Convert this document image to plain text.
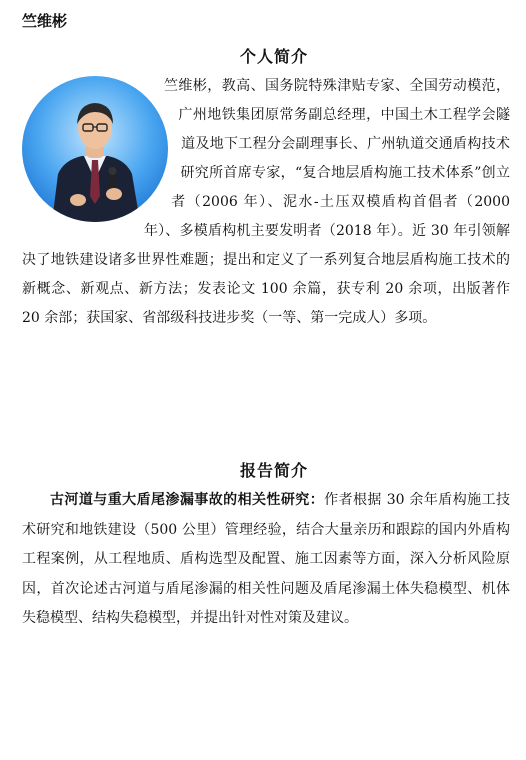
竺维彬
个人简介
竺维彬，教高、国务院特殊津贴专家、全国劳动模范，广州地铁集团原常务副总经理，中国土木工程学会隧道及地下工程分会副理事长、广州轨道交通盾构技术研究所首席专家，“复合地层盾构施工技术体系”创立者（2006 年）、泥水-土压双模盾构首倡者（2000 年）、多模盾构机主要发明者（2018 年）。近 30 年引领解决了地铁建设诸多世界性难题；提出和定义了一系列复合地层盾构施工技术的新概念、新观点、新方法；发表论文 100 余篇，获专利 20 余项，出版著作 20 余部；获国家、省部级科技进步奖（一等、第一完成人）多项。
报告简介
古河道与重大盾尾渗漏事故的相关性研究：作者根据 30 余年盾构施工技术研究和地铁建设（500 公里）管理经验，结合大量亲历和跟踪的国内外盾构工程案例，从工程地质、盾构选型及配置、施工因素等方面，深入分析风险原因，首次论述古河道与盾尾渗漏的相关性问题及盾尾渗漏土体失稳模型、机体失稳模型、结构失稳模型，并提出针对性对策及建议。
